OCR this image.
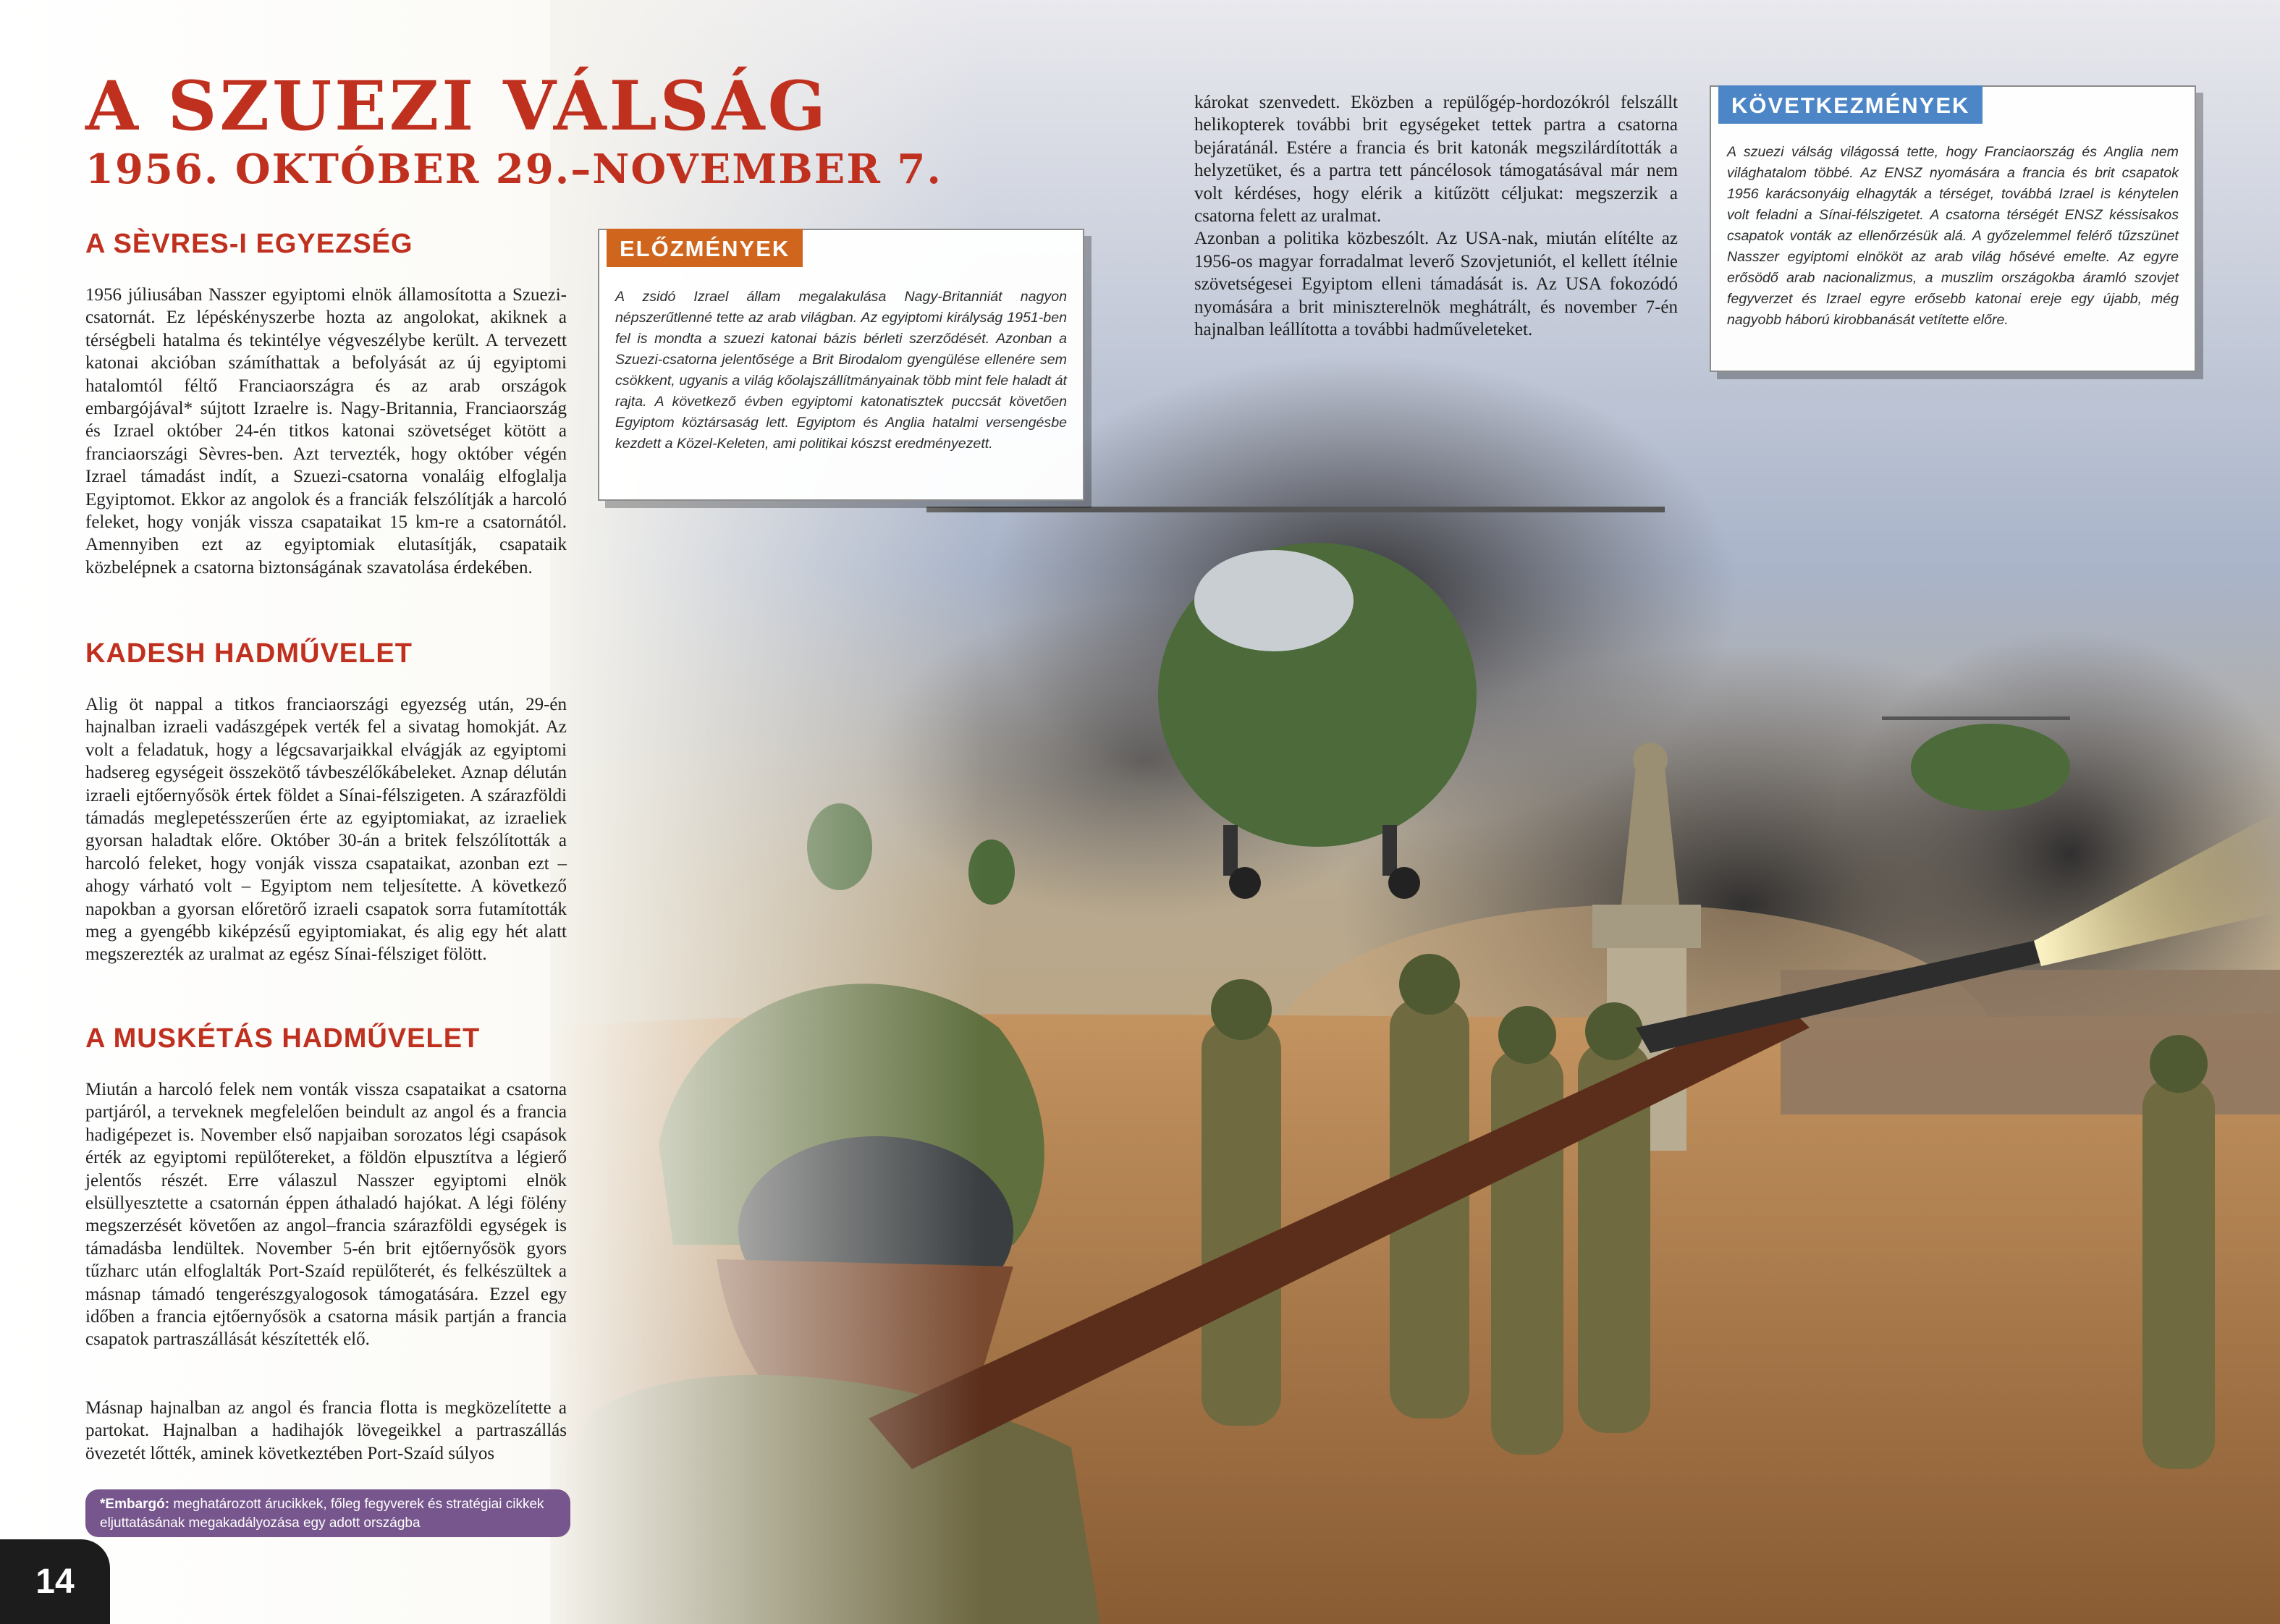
A SZUEZI VÁLSÁG
1956. OKTÓBER 29.–NOVEMBER 7.
A SÈVRES-I EGYEZSÉG

1956 júliusában Nasszer egyiptomi elnök államosította a Szuezi-csatornát. Ez lépéskényszerbe hozta az angolokat, akiknek a térségbeli hatalma és tekintélye végveszélybe került. A tervezett katonai akcióban számíthattak a befolyását az új egyiptomi hatalomtól féltő Franciaországra és az arab országok embargójával* sújtott Izraelre is. Nagy-Britannia, Franciaország és Izrael október 24-én titkos katonai szövetséget kötött a franciaországi Sèvres-ben. Azt tervezték, hogy október végén Izrael támadást indít, a Szuezi-csatorna vonaláig elfoglalja Egyiptomot. Ekkor az angolok és a franciák felszólítják a harcoló feleket, hogy vonják vissza csapataikat 15 km-re a csatornától. Amennyiben ezt az egyiptomiak elutasítják, csapataik közbelépnek a csatorna biztonságának szavatolása érdekében.

KADESH HADMŰVELET

Alig öt nappal a titkos franciaországi egyezség után, 29-én hajnalban izraeli vadászgépek verték fel a sivatag homokját. Az volt a feladatuk, hogy a légcsavarjaikkal elvágják az egyiptomi hadsereg egységeit összekötő távbeszélőkábeleket. Aznap délután izraeli ejtőernyősök értek földet a Sínai-félszigeten. A szárazföldi támadás meglepetésszerűen érte az egyiptomiakat, az izraeliek gyorsan haladtak előre. Október 30-án a britek felszólították a harcoló feleket, hogy vonják vissza csapataikat, azonban ezt – ahogy várható volt – Egyiptom nem teljesítette. A következő napokban a gyorsan előretörő izraeli csapatok sorra futamították meg a gyengébb kiképzésű egyiptomiakat, és alig egy hét alatt megszerezték az uralmat az egész Sínai-félsziget fölött.

A MUSKÉTÁS HADMŰVELET

Miután a harcoló felek nem vonták vissza csapataikat a csatorna partjáról, a terveknek megfelelően beindult az angol és a francia hadigépezet is. November első napjaiban sorozatos légi csapások érték az egyiptomi repülőtereket, a földön elpusztítva a légierő jelentős részét. Erre válaszul Nasszer egyiptomi elnök elsüllyesztette a csatornán éppen áthaladó hajókat. A légi fölény megszerzését követően az angol–francia szárazföldi egységek is támadásba lendültek. November 5-én brit ejtőernyősök gyors tűzharc után elfoglalták Port-Szaíd repülőterét, és felkészültek a másnap támadó tengerészgyalogosok támogatására. Ezzel egy időben a francia ejtőernyősök a csatorna másik partján a francia csapatok partraszállását készítették elő.

Másnap hajnalban az angol és francia flotta is megközelítette a partokat. Hajnalban a hadihajók lövegeikkel a partraszállás övezetét lőtték, aminek következtében Port-Szaíd súlyos

károkat szenvedett. Eközben a repülőgép-hordozókról felszállt helikopterek további brit egységeket tettek partra a csatorna bejáratánál. Estére a francia és brit katonák megszilárdították a helyzetüket, és a partra tett páncélosok támogatásával már nem volt kérdéses, hogy elérik a kitűzött céljukat: megszerzik a csatorna felett az uralmat.

Azonban a politika közbeszólt. Az USA-nak, miután elítélte az 1956-os magyar forradalmat leverő Szovjetuniót, el kellett ítélnie szövetségesei Egyiptom elleni támadását is. Az USA fokozódó nyomására a brit miniszterelnök meghátrált, és november 7-én hajnalban leállította a további hadműveleteket.

ELŐZMÉNYEK

A zsidó Izrael állam megalakulása Nagy-Britanniát nagyon népszerűtlenné tette az arab világban. Az egyiptomi királyság 1951-ben fel is mondta a szuezi katonai bázis bérleti szerződését. Azonban a Szuezi-csatorna jelentősége a Brit Birodalom gyengülése ellenére sem csökkent, ugyanis a világ kőolajszállítmányainak több mint fele haladt át rajta. A következő évben egyiptomi katonatisztek puccsát követően Egyiptom köztársaság lett. Egyiptom és Anglia hatalmi versengésbe kezdett a Közel-Keleten, ami politikai kószst eredményezett.

KÖVETKEZMÉNYEK

A szuezi válság világossá tette, hogy Franciaország és Anglia nem világhatalom többé. Az ENSZ nyomására a francia és brit csapatok 1956 karácsonyáig elhagyták a térséget, továbbá Izrael is kénytelen volt feladni a Sínai-félszigetet. A csatorna térségét ENSZ késsisakos csapatok vonták az ellenőrzésük alá. A győzelemmel felérő tűzszünet Nasszer egyiptomi elnököt az arab világ hősévé emelte. Az egyre erősödő arab nacionalizmus, a muszlim országokba áramló szovjet fegyverzet és Izrael egyre erősebb katonai ereje egy újabb, még nagyobb háború kirobbanását vetítette előre.

*Embargó: meghatározott árucikkek, főleg fegyverek és stratégiai cikkek eljuttatásának megakadályozása egy adott országba
14
